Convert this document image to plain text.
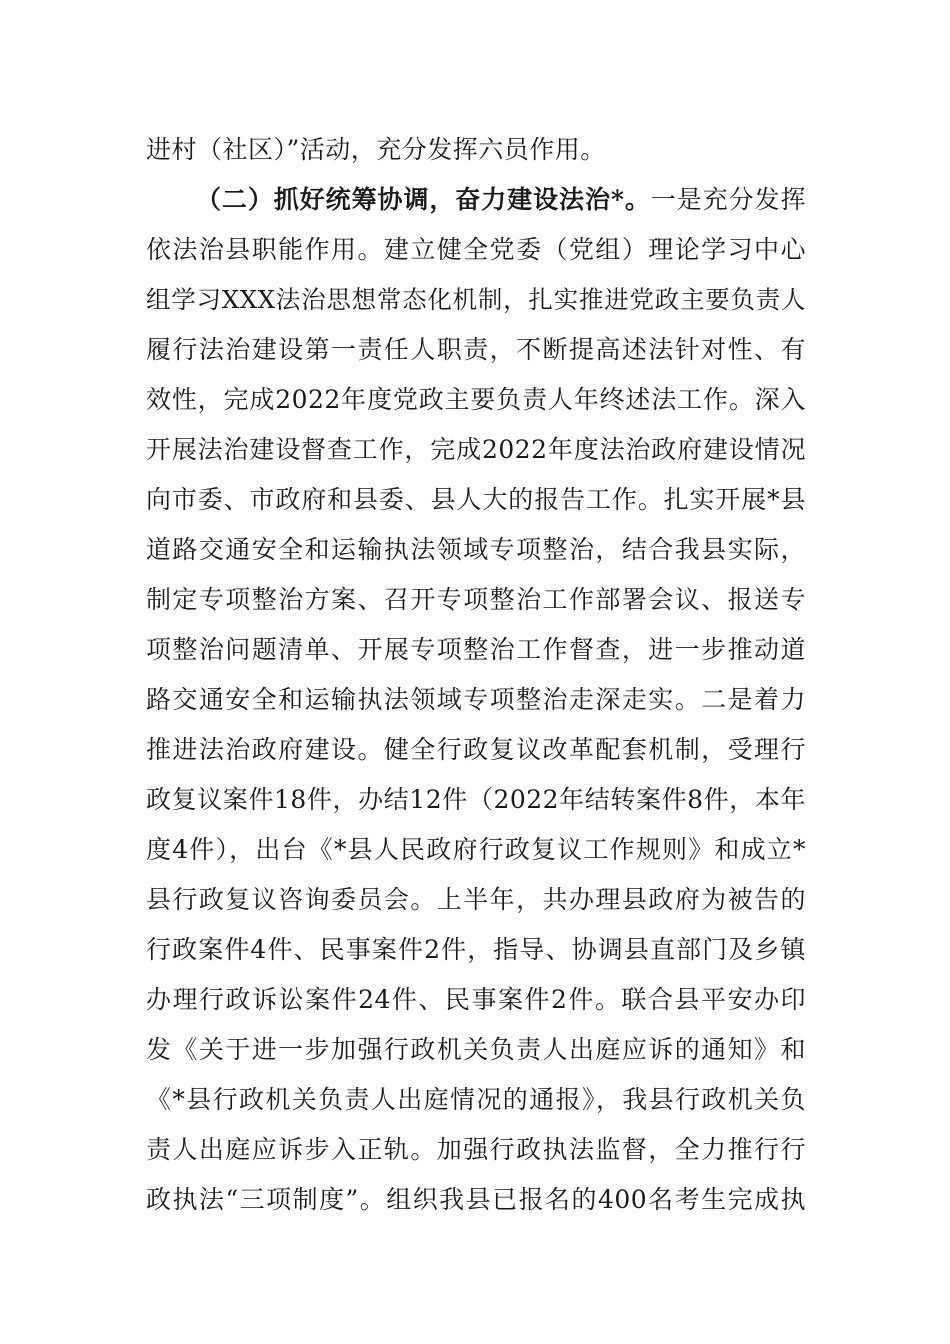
进村（社区）”活动，充分发挥六员作用。
（二）抓好统筹协调，奋力建设法治*。一是充分发挥
依法治县职能作用。建立健全党委（党组）理论学习中心
组学习XXX法治思想常态化机制，扎实推进党政主要负责人
履行法治建设第一责任人职责，不断提高述法针对性、有
效性，完成2022年度党政主要负责人年终述法工作。深入
开展法治建设督查工作，完成2022年度法治政府建设情况
向市委、市政府和县委、县人大的报告工作。扎实开展*县
道路交通安全和运输执法领域专项整治，结合我县实际，
制定专项整治方案、召开专项整治工作部署会议、报送专
项整治问题清单、开展专项整治工作督查，进一步推动道
路交通安全和运输执法领域专项整治走深走实。二是着力
推进法治政府建设。健全行政复议改革配套机制，受理行
政复议案件18件，办结12件（2022年结转案件8件，本年
度4件），出台《*县人民政府行政复议工作规则》和成立*
县行政复议咨询委员会。上半年，共办理县政府为被告的
行政案件4件、民事案件2件，指导、协调县直部门及乡镇
办理行政诉讼案件24件、民事案件2件。联合县平安办印
发《关于进一步加强行政机关负责人出庭应诉的通知》和
《*县行政机关负责人出庭情况的通报》，我县行政机关负
责人出庭应诉步入正轨。加强行政执法监督，全力推行行
政执法“三项制度”。组织我县已报名的400名考生完成执
